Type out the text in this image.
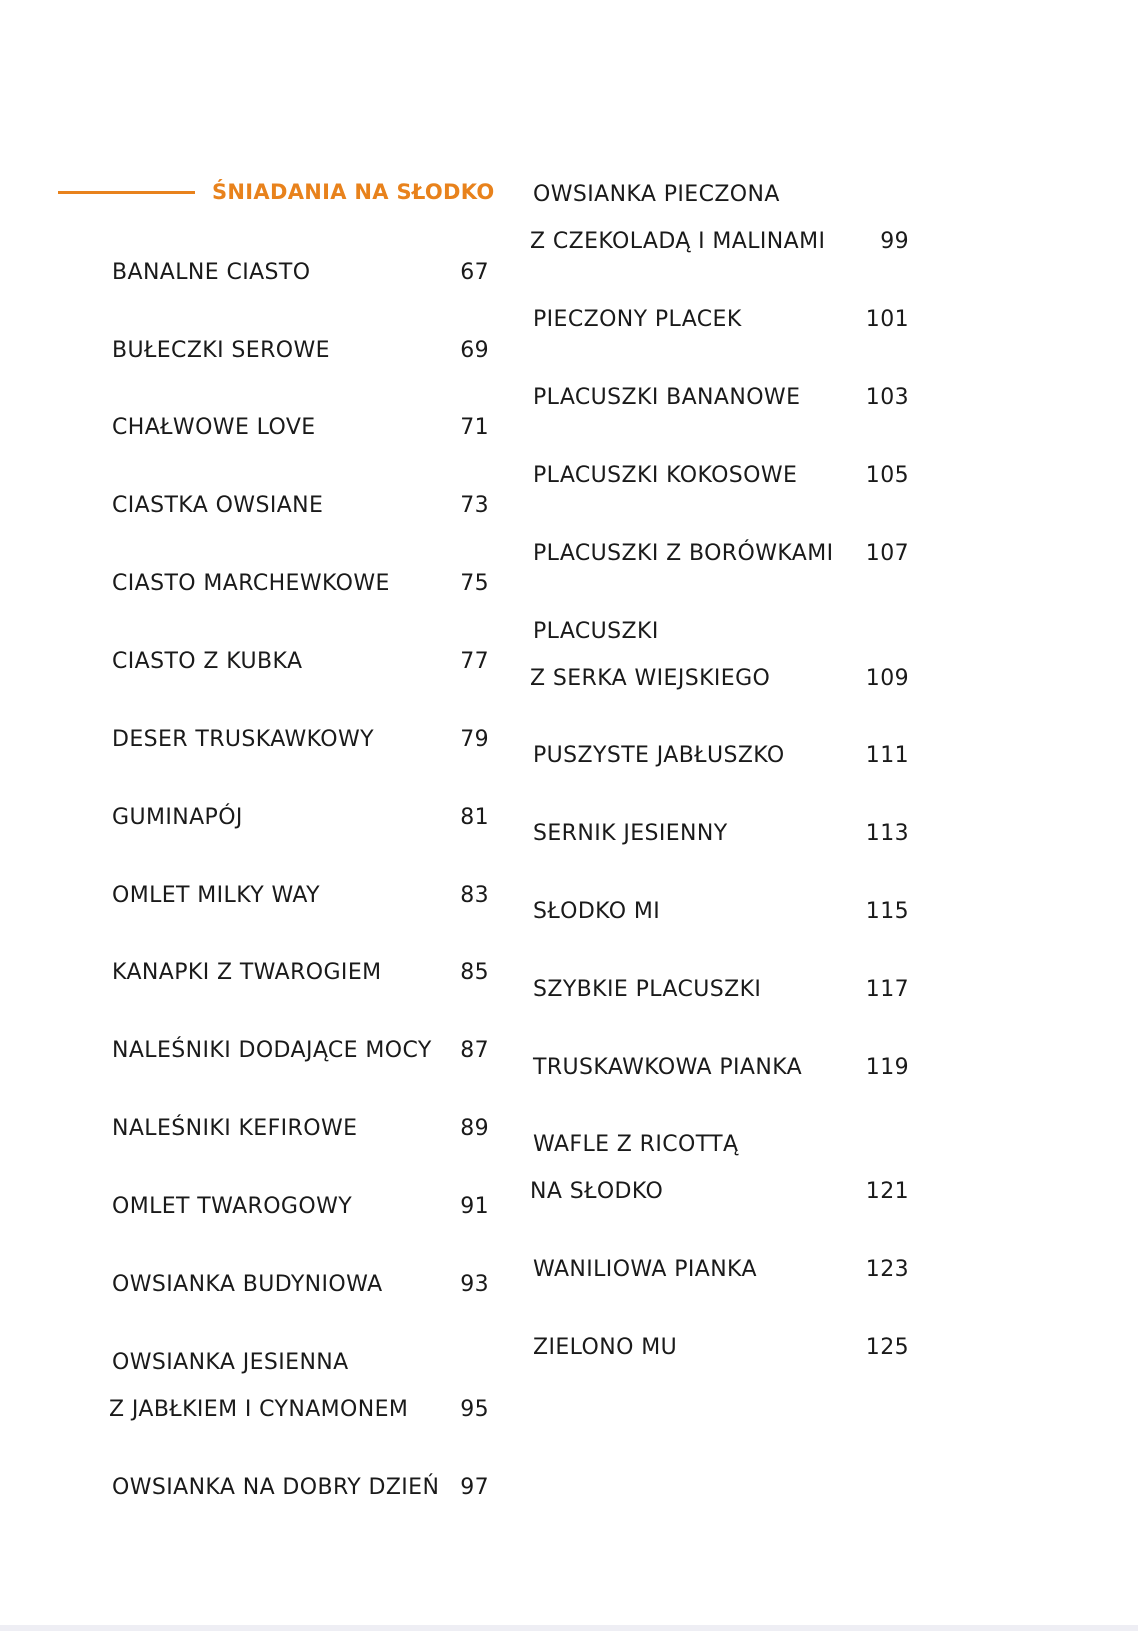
ŚNIADANIA NA SŁODKO
BANALNE CIASTO	67
BUŁECZKI SEROWE	69
CHAŁWOWE LOVE	71
CIASTKA OWSIANE	73
CIASTO MARCHEWKOWE	75
CIASTO Z KUBKA	77
DESER TRUSKAWKOWY	79
GUMINAPÓJ	81
OMLET MILKY WAY	83
KANAPKI Z TWAROGIEM	85
NALEŚNIKI DODAJĄCE MOCY 87
NALEŚNIKI KEFIROWE	89
OMLET TWAROGOWY	91
OWSIANKA BUDYNIOWA	93
OWSIANKA JESIENNA
Z JABŁKIEM I CYNAMONEM 95
OWSIANKA NA DOBRY DZIEŃ 97
OWSIANKA PIECZONA
Z CZEKOLADĄ I MALINAMI 99
PIECZONY PLACEK	101
PLACUSZKI BANANOWE	103
PLACUSZKI KOKOSOWE	105
PLACUSZKI Z BORÓWKAMI 107
PLACUSZKI
Z SERKA WIEJSKIEGO	109
PUSZYSTE JABŁUSZKO	111
SERNIK JESIENNY	113
SŁODKO MI	115
SZYBKIE PLACUSZKI	117
TRUSKAWKOWA PIANKA	119
WAFLE Z RICOTTĄ
NA SŁODKO	121
WANILIOWA PIANKA	123
ZIELONO MU	125
